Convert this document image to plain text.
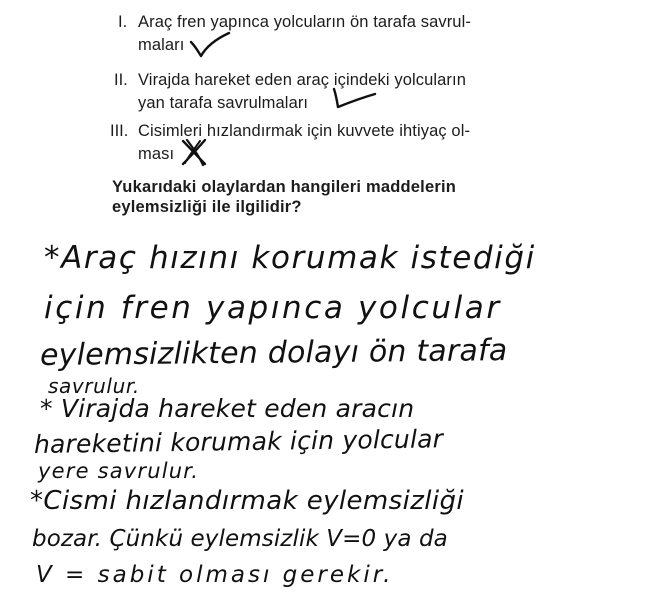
I. Araç fren yapınca yolcuların ön tarafa savrul-
maları
II. Virajda hareket eden araç içindeki yolcuların
yan tarafa savrulmaları
III. Cisimleri hızlandırmak için kuvvete ihtiyaç ol-
ması
Yukarıdaki olaylardan hangileri maddelerin
eylemsizliği ile ilgilidir?
*Araç hızını korumak istediği
için fren yapınca yolcular
eylemsizlikten dolayı ön tarafa
savrulur.
* Virajda hareket eden aracın
hareketini korumak için yolcular
yere savrulur.
*Cismi hızlandırmak eylemsizliği
bozar. Çünkü eylemsizlik V=0 ya da
V = sabit olması gerekir.
